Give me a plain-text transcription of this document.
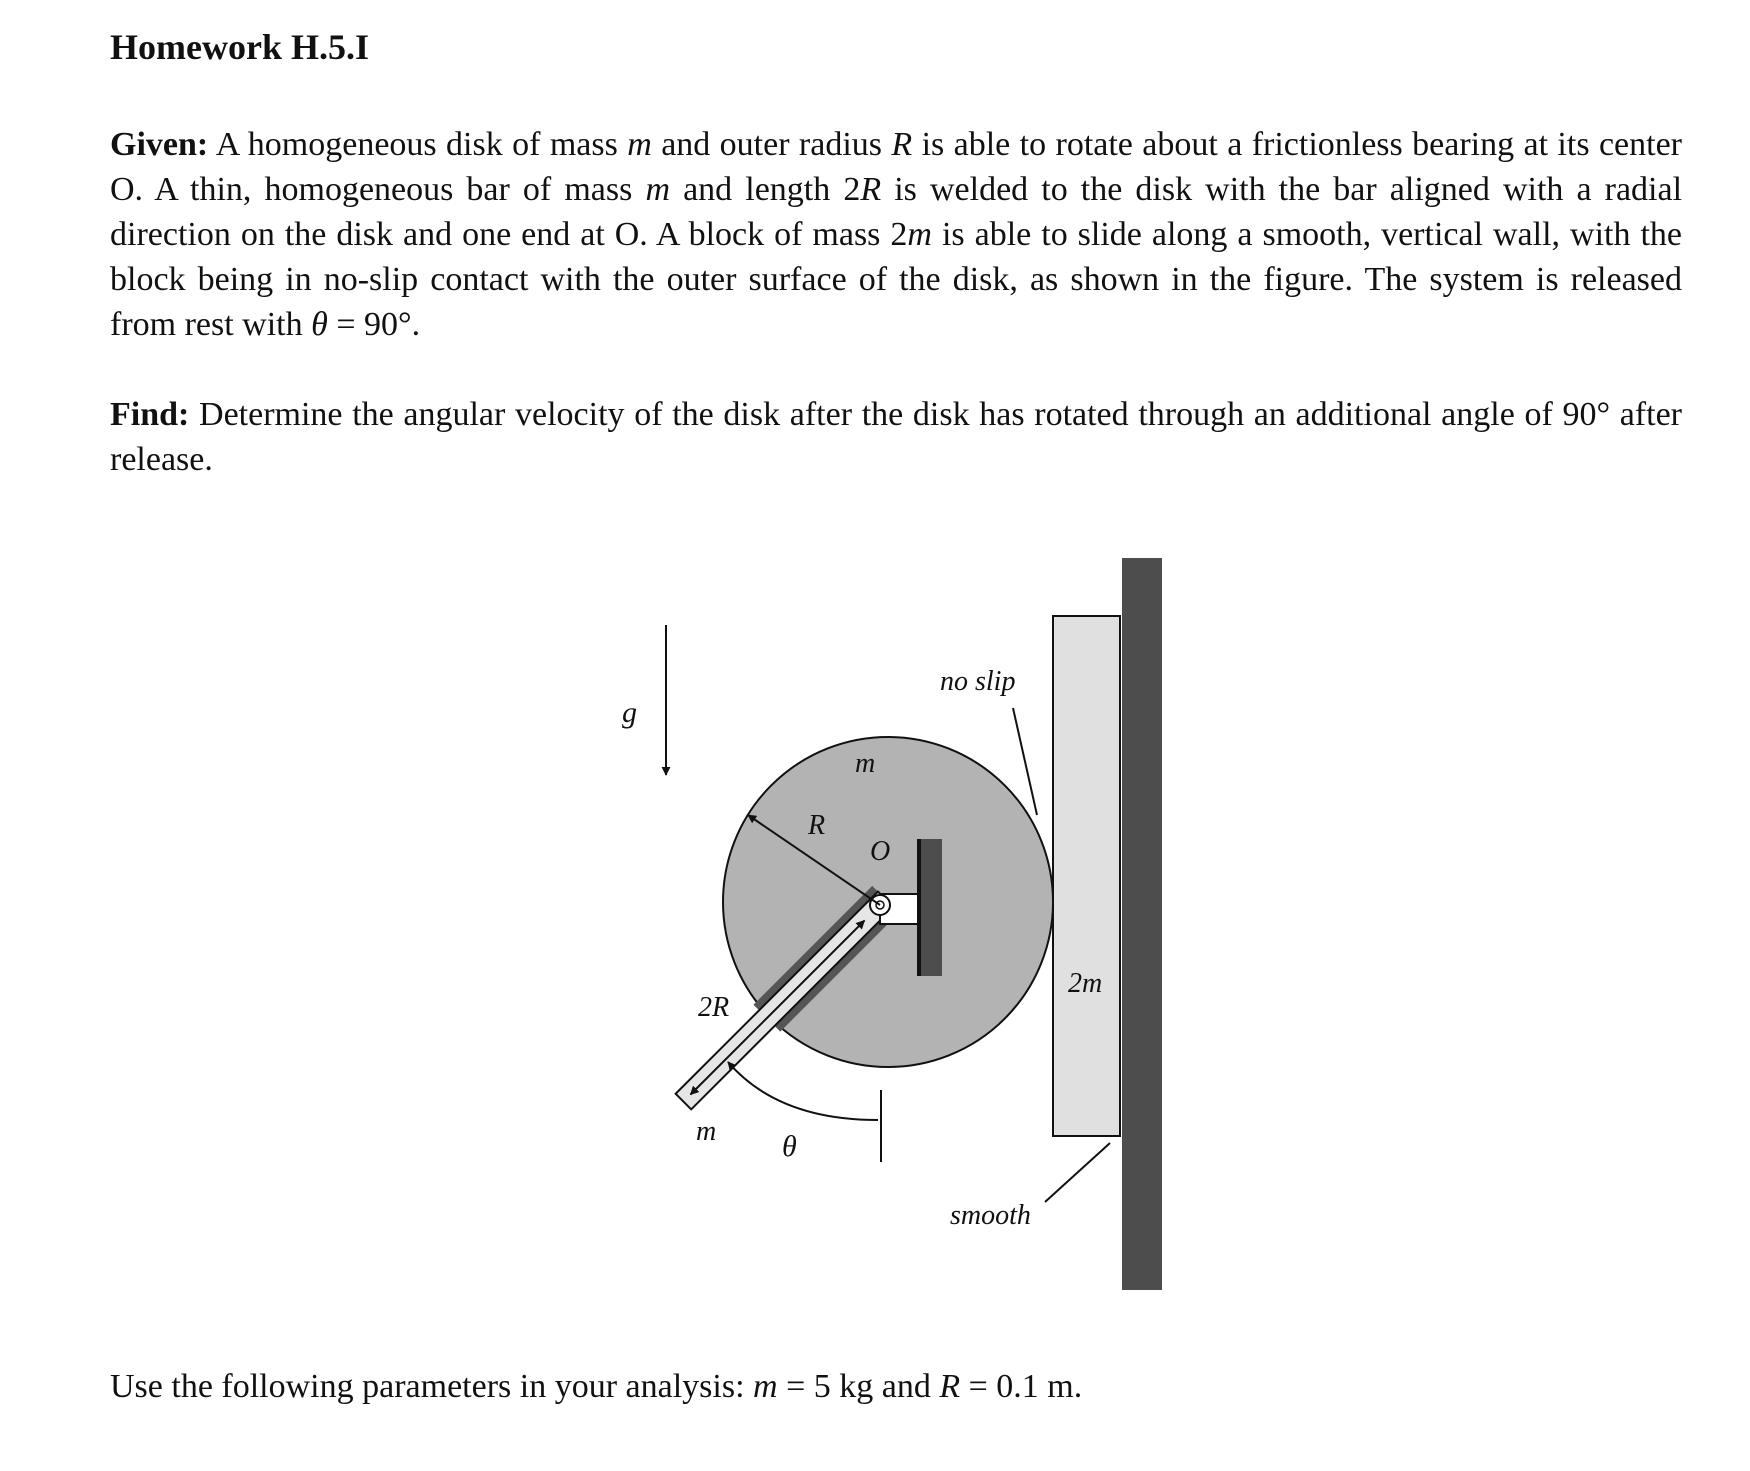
Homework H.5.I
Given: A homogeneous disk of mass m and outer radius R is able to rotate about a frictionless bearing at its center O. A thin, homogeneous bar of mass m and length 2R is welded to the disk with the bar aligned with a radial direction on the disk and one end at O. A block of mass 2m is able to slide along a smooth, vertical wall, with the block being in no-slip contact with the outer surface of the disk, as shown in the figure. The system is released from rest with θ = 90°.
Find: Determine the angular velocity of the disk after the disk has rotated through an additional angle of 90° after release.
g
2m
R
m
O
θ
2R
m
no slip
smooth
Use the following parameters in your analysis: m = 5 kg and R = 0.1 m.
